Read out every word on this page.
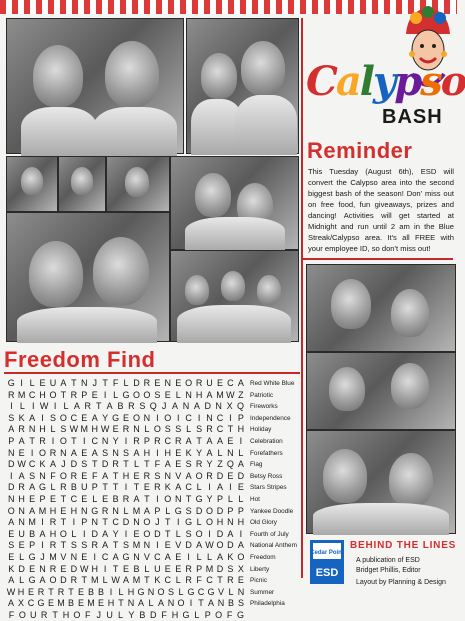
Calypso
BASH
Reminder
This Tuesday (August 6th), ESD will convert the Calypso area into the second biggest bash of the season! Don' miss out on free food, fun giveaways, prizes and dancing! Activities will get started at Midnight and run until 2 am in the Blue Streak/Calypso area. It's all FREE with your employee ID, so don't miss out!
Freedom Find
G I L E U A T N J T F L D R E N E O R U E C A
R M C H O T R P E I L G O O S E L N H A M W Z
I L I W I L A R T A B R S Q J A N A D N X Q
S K A I S O C E A Y G E O N I O I C I N C I P
A R N H L S W M H W E R N L O S S L S R C T H
P A T R I O T I C N Y I R P R C R A T A A E I
N E I O R N A E A S N S A H I H E K Y A L N L
D W C K A J D S T D R T L T F A E S R Y Z Q A
I A S N F O R E F A T H E R S N V A O R D E D
D R A G L R B U P T T I T E R K A C L I A I E
N H E P E T C E L E B R A T I O N T G Y P L L
O N A M H E H N G R N L M A P L G S D O D P P
A N M I R T I P N T C D N O J T I G L O H N H
E U B A H O L I D A Y I E O D T L S O I D A I
S E P I R T S S R A T S M N I E V D A W O D A
E L G J M V N E I C A G N V C A E I L L A K O
K D E N R E D W H I T E B L U E E R P M D S X
A L G A O D R T M L W A M T K C L R F C T R E
W H E R T R T E B B I L H G N O S L G C G V L N
A X C G E M B E M E H T N A L A N O I T A N B S
F O U R T H O F J U L Y B D F H G L P O F G
Red White Blue
Patriotic
Fireworks
Independence
Holiday
Celebration
Forefathers
Flag
Betsy Ross
Stars Stripes
Hot
Yankee Doodle
Old Glory
Fourth of July
National Anthem
Freedom
Liberty
Picnic
Summer
Philadelphia
Cedar Point
ESD
BEHIND THE LINES
A publication of ESD
Bridget Phillis, Editor
Layout by Planning & Design
